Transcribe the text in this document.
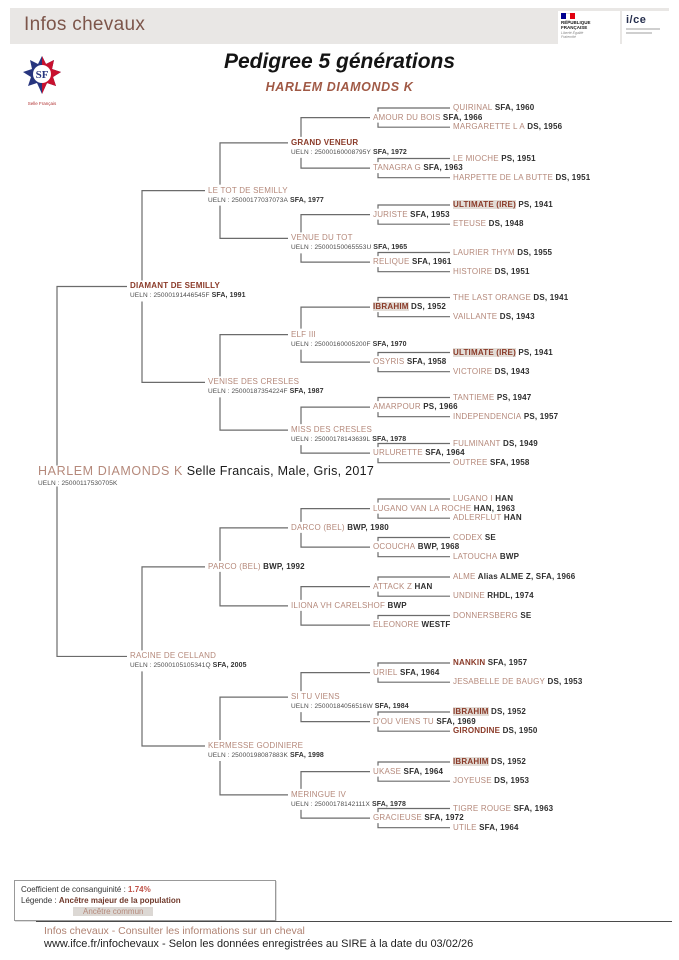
Infos chevaux	RÉPUBLIQUE FRANÇAISE
Liberté Égalité Fraternité
i/ce
SF
Selle Français
Pedigree 5 générations
HARLEM DIAMONDS K
HARLEM DIAMONDS K Selle Francais, Male, Gris, 2017
UELN : 25000117530705K
DIAMANT DE SEMILLY
UELN : 25000191446545F SFA, 1991
LE TOT DE SEMILLY
UELN : 25000177037073A SFA, 1977
GRAND VENEUR
UELN : 25000160008795Y SFA, 1972
AMOUR DU BOIS SFA, 1966
QUIRINAL SFA, 1960
MARGARETTE L A DS, 1956
TANAGRA G SFA, 1963
LE MIOCHE PS, 1951
HARPETTE DE LA BUTTE DS, 1951
VENUE DU TOT
UELN : 25000150065553U SFA, 1965
JURISTE SFA, 1953
ULTIMATE (IRE) PS, 1941
ETEUSE DS, 1948
RELIQUE SFA, 1961
LAURIER THYM DS, 1955
HISTOIRE DS, 1951
VENISE DES CRESLES
UELN : 25000187354224F SFA, 1987
ELF III
UELN : 25000160005200F SFA, 1970
IBRAHIM DS, 1952
THE LAST ORANGE DS, 1941
VAILLANTE DS, 1943
OSYRIS SFA, 1958
ULTIMATE (IRE) PS, 1941
VICTOIRE DS, 1943
MISS DES CRESLES
UELN : 25000178143639L SFA, 1978
AMARPOUR PS, 1966
TANTIEME PS, 1947
INDEPENDENCIA PS, 1957
URLURETTE SFA, 1964
FULMINANT DS, 1949
OUTREE SFA, 1958
RACINE DE CELLAND
UELN : 25000105105341Q SFA, 2005
PARCO (BEL) BWP, 1992
DARCO (BEL) BWP, 1980
LUGANO VAN LA ROCHE HAN, 1963
LUGANO I HAN
ADLERFLUT HAN
OCOUCHA BWP, 1968
CODEX SE
LATOUCHA BWP
ILIONA VH CARELSHOF BWP
ATTACK Z HAN
ALME Alias ALME Z, SFA, 1966
UNDINE RHDL, 1974
ELEONORE WESTF
DONNERSBERG SE
KERMESSE GODINIERE
UELN : 25000198087883K SFA, 1998
SI TU VIENS
UELN : 25000184056516W SFA, 1984
URIEL SFA, 1964
NANKIN SFA, 1957
JESABELLE DE BAUGY DS, 1953
D'OU VIENS TU SFA, 1969
IBRAHIM DS, 1952
GIRONDINE DS, 1950
MERINGUE IV
UELN : 25000178142111X SFA, 1978
UKASE SFA, 1964
IBRAHIM DS, 1952
JOYEUSE DS, 1953
GRACIEUSE SFA, 1972
TIGRE ROUGE SFA, 1963
UTILE SFA, 1964
Coefficient de consanguinité : 1.74%
Légende : Ancêtre majeur de la population
Ancêtre commun
Infos chevaux - Consulter les informations sur un cheval
www.ifce.fr/infochevaux - Selon les données enregistrées au SIRE à la date du 03/02/26
